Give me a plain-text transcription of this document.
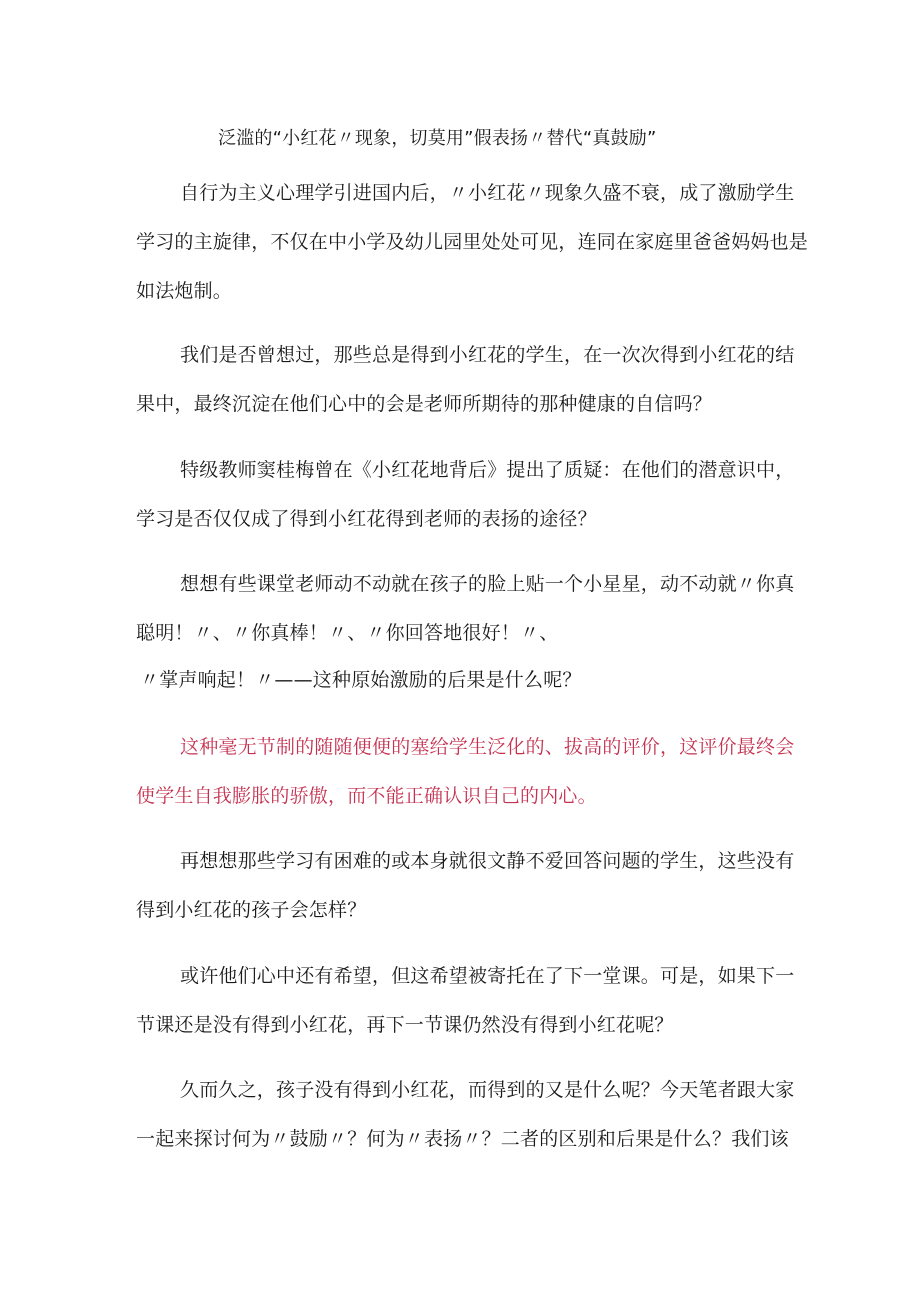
泛滥的“小红花〃现象，切莫用”假表扬〃替代“真鼓励”
自行为主义心理学引进国内后，〃小红花〃现象久盛不衰，成了激励学生
学习的主旋律，不仅在中小学及幼儿园里处处可见，连同在家庭里爸爸妈妈也是
如法炮制。
我们是否曾想过，那些总是得到小红花的学生，在一次次得到小红花的结
果中，最终沉淀在他们心中的会是老师所期待的那种健康的自信吗？
特级教师窦桂梅曾在《小红花地背后》提出了质疑：在他们的潜意识中，
学习是否仅仅成了得到小红花得到老师的表扬的途径？
想想有些课堂老师动不动就在孩子的脸上贴一个小星星，动不动就〃你真
聪明！〃、〃你真棒！〃、〃你回答地很好！〃、
〃掌声响起！〃——这种原始激励的后果是什么呢？
这种毫无节制的随随便便的塞给学生泛化的、拔高的评价，这评价最终会
使学生自我膨胀的骄傲，而不能正确认识自己的内心。
再想想那些学习有困难的或本身就很文静不爱回答问题的学生，这些没有
得到小红花的孩子会怎样？
或许他们心中还有希望，但这希望被寄托在了下一堂课。可是，如果下一
节课还是没有得到小红花，再下一节课仍然没有得到小红花呢？
久而久之，孩子没有得到小红花，而得到的又是什么呢？今天笔者跟大家
一起来探讨何为〃鼓励〃？何为〃表扬〃？二者的区别和后果是什么？我们该
